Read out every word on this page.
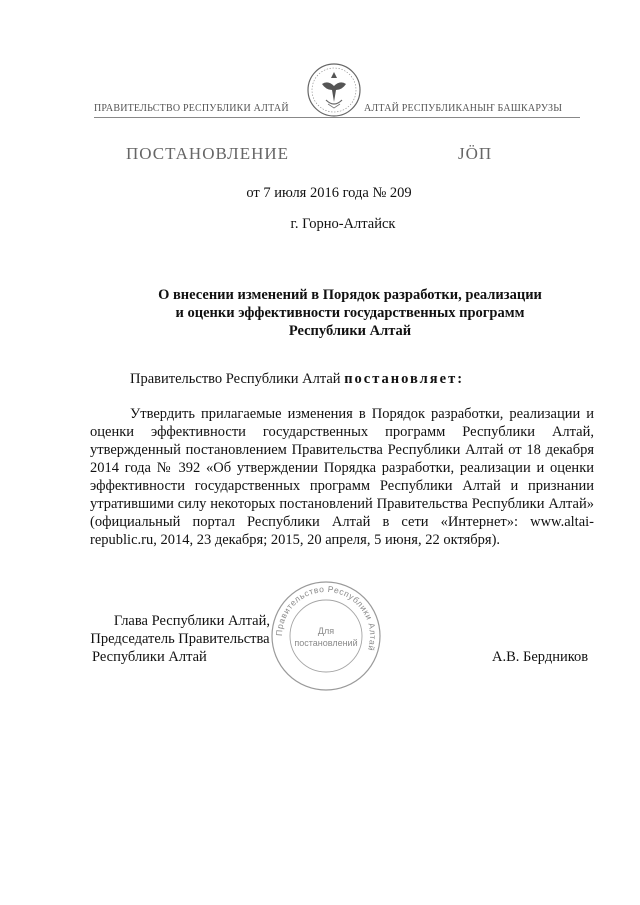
ПРАВИТЕЛЬСТВО РЕСПУБЛИКИ АЛТАЙ	АЛТАЙ РЕСПУБЛИКАНЫҤ БАШКАРУЗЫ
ПОСТАНОВЛЕНИЕ	ЈӦП
от 7 июля 2016 года № 209
г. Горно-Алтайск
О внесении изменений в Порядок разработки, реализации
и оценки эффективности государственных программ
Республики Алтай
Правительство Республики Алтай постановляет:
Утвердить прилагаемые изменения в Порядок разработки, реализации и оценки эффективности государственных программ Республики Алтай, утвержденный постановлением Правительства Республики Алтай от 18 декабря 2014 года № 392 «Об утверждении Порядка разработки, реализации и оценки эффективности государственных программ Республики Алтай и признании утратившими силу некоторых постановлений Правительства Республики Алтай» (официальный портал Республики Алтай в сети «Интернет»: www.altai-republic.ru, 2014, 23 декабря; 2015, 20 апреля, 5 июня, 22 октября).
Глава Республики Алтай,
Председатель Правительства
Республики Алтай	А.В. Бердников
Правительство Республики Алтай
Для
постановлений
